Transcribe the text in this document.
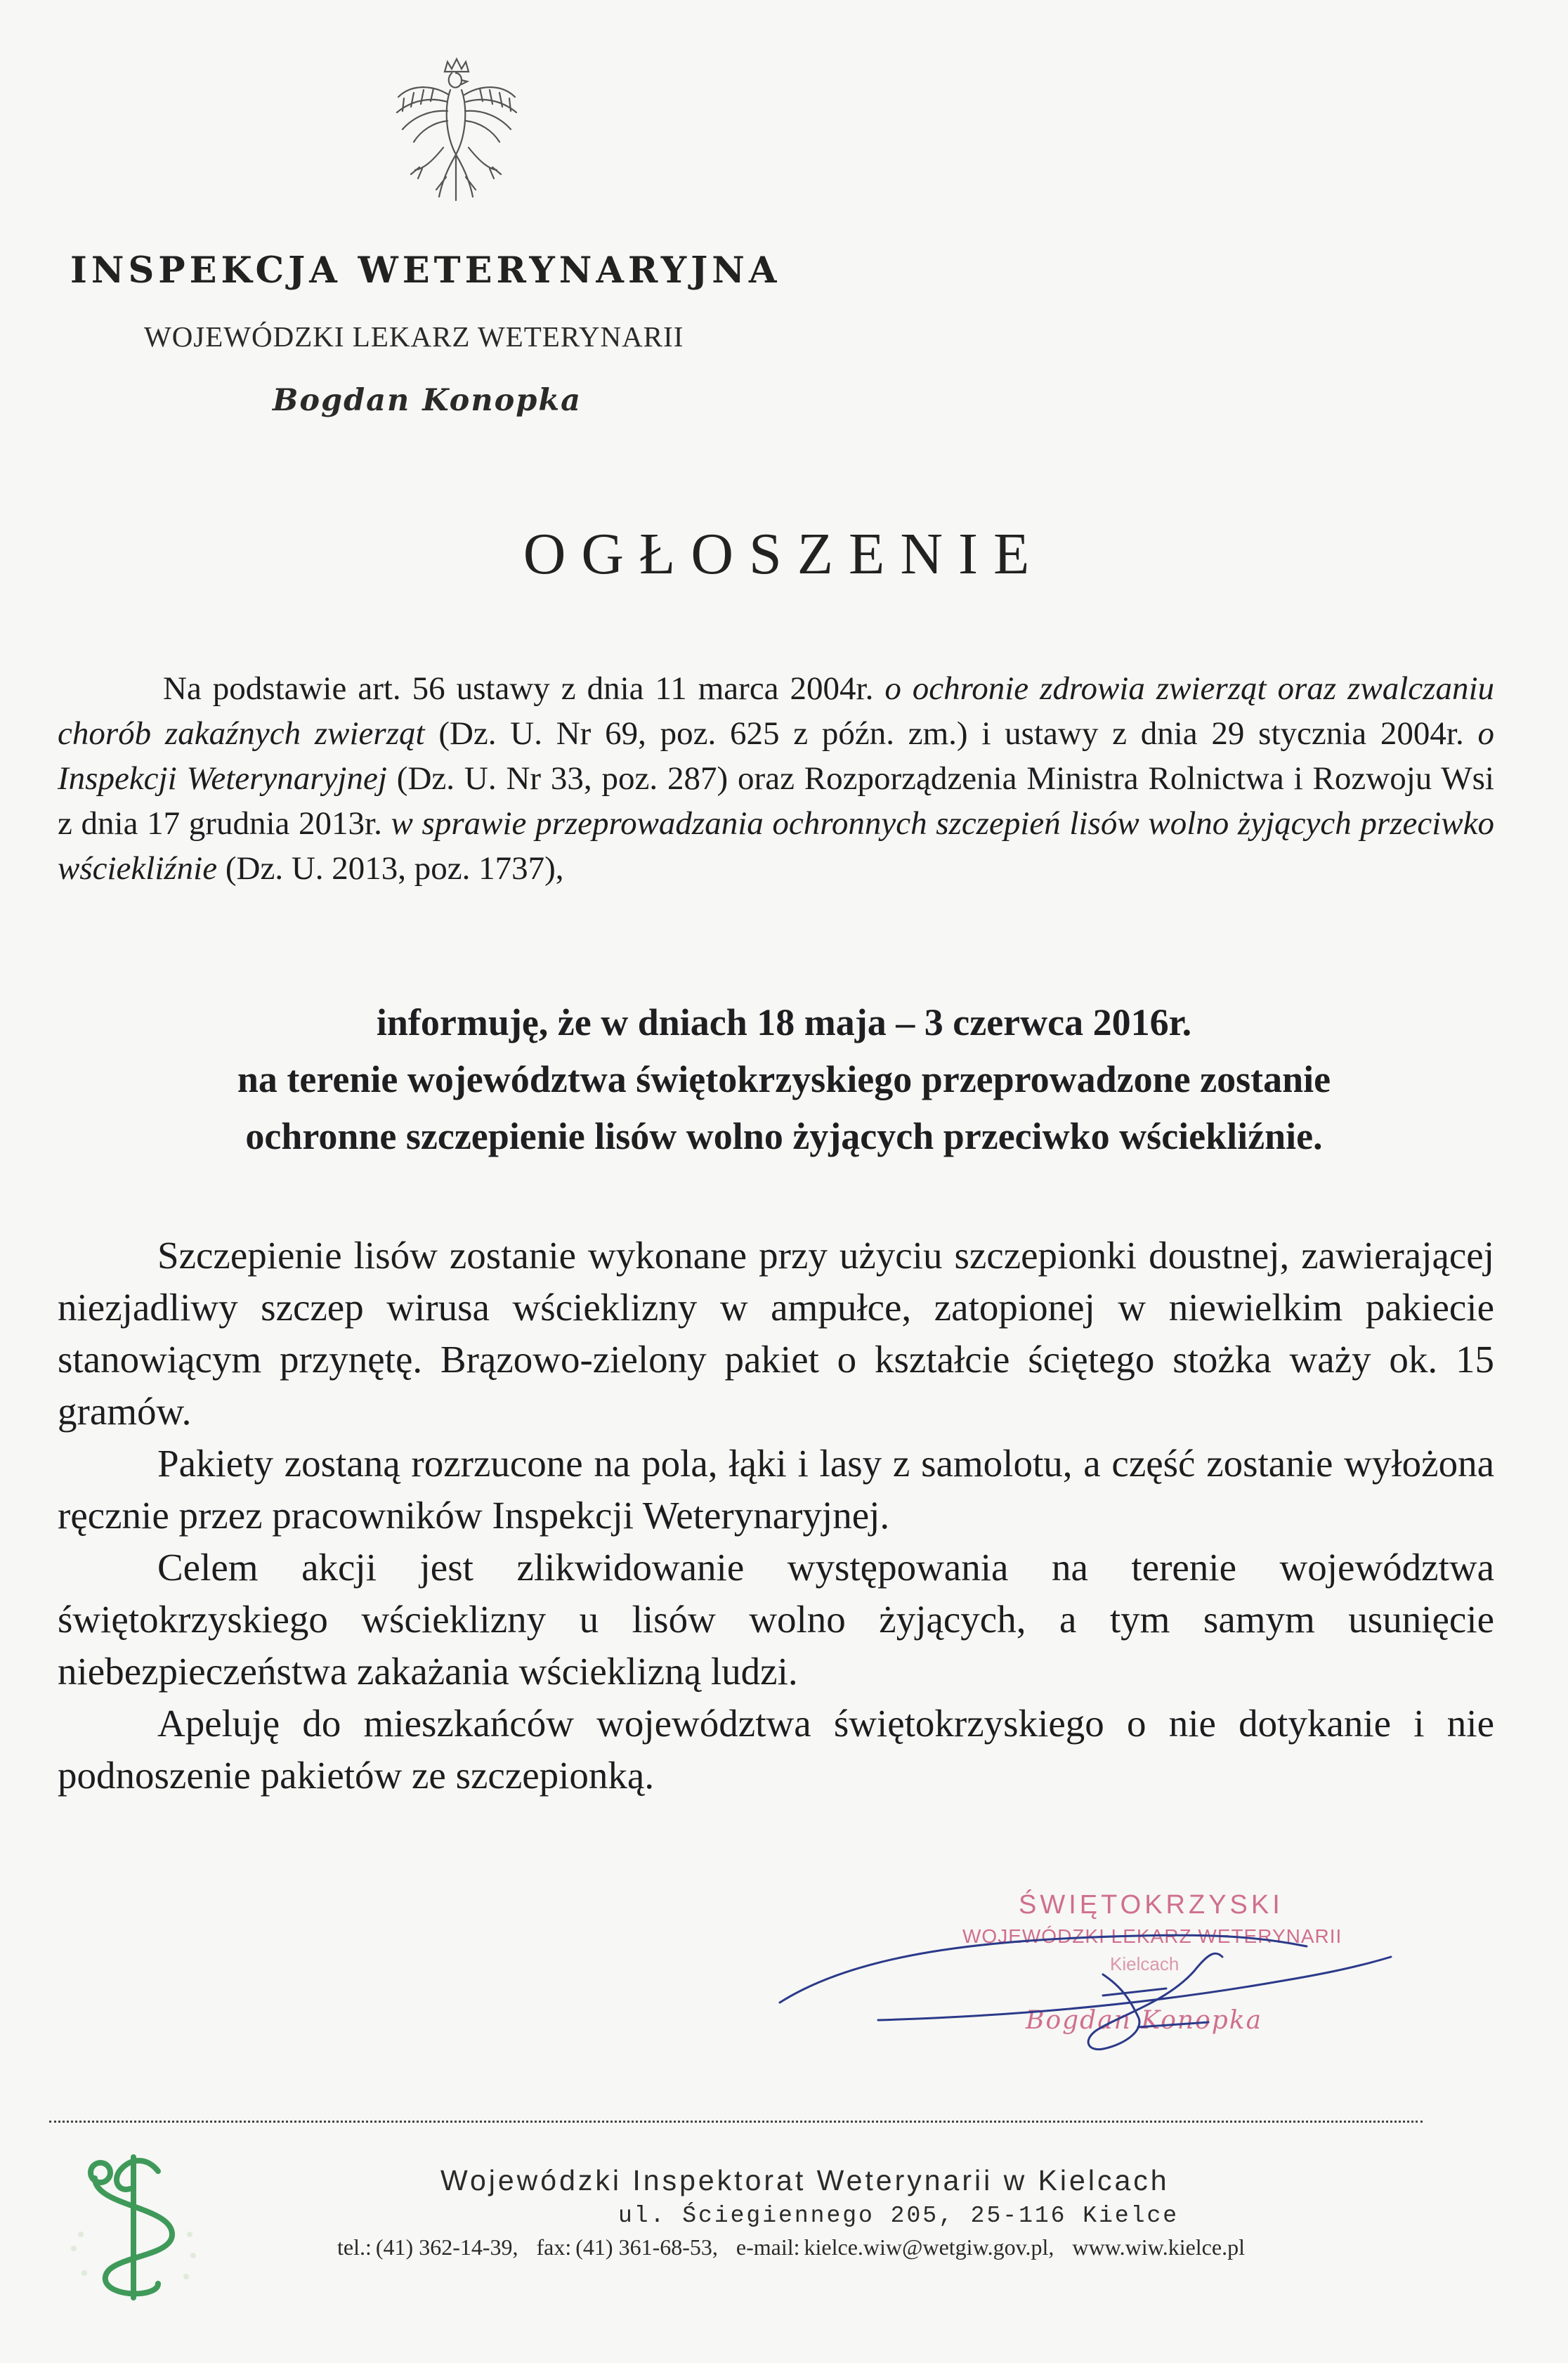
INSPEKCJA WETERYNARYJNA
WOJEWÓDZKI LEKARZ WETERYNARII
Bogdan Konopka
OGŁOSZENIE
Na podstawie art. 56 ustawy z dnia 11 marca 2004r. o ochronie zdrowia zwierząt oraz zwalczaniu chorób zakaźnych zwierząt (Dz. U. Nr 69, poz. 625 z późn. zm.) i ustawy z dnia 29 stycznia 2004r. o Inspekcji Weterynaryjnej (Dz. U. Nr 33, poz. 287) oraz Rozporządzenia Ministra Rolnictwa i Rozwoju Wsi z dnia 17 grudnia 2013r. w sprawie przeprowadzania ochronnych szczepień lisów wolno żyjących przeciwko wściekliźnie (Dz. U. 2013, poz. 1737),
informuję, że w dniach 18 maja – 3 czerwca 2016r.
na terenie województwa świętokrzyskiego przeprowadzone zostanie
ochronne szczepienie lisów wolno żyjących przeciwko wściekliźnie.
Szczepienie lisów zostanie wykonane przy użyciu szczepionki doustnej, zawierającej niezjadliwy szczep wirusa wścieklizny w ampułce, zatopionej w niewielkim pakiecie stanowiącym przynętę. Brązowo-zielony pakiet o kształcie ściętego stożka waży ok. 15 gramów.
Pakiety zostaną rozrzucone na pola, łąki i lasy z samolotu, a część zostanie wyłożona ręcznie przez pracowników Inspekcji Weterynaryjnej.
Celem akcji jest zlikwidowanie występowania na terenie województwa świętokrzyskiego wścieklizny u lisów wolno żyjących, a tym samym usunięcie niebezpieczeństwa zakażania wścieklizną ludzi.
Apeluję do mieszkańców województwa świętokrzyskiego o nie dotykanie i nie podnoszenie pakietów ze szczepionką.
ŚWIĘTOKRZYSKI
WOJEWÓDZKI LEKARZ WETERYNARII
Kielcach
Bogdan Konopka
Wojewódzki Inspektorat Weterynarii w Kielcach
ul. Ściegiennego 205, 25-116 Kielce
tel.: (41) 362-14-39, fax: (41) 361-68-53, e-mail: kielce.wiw@wetgiw.gov.pl, www.wiw.kielce.pl
